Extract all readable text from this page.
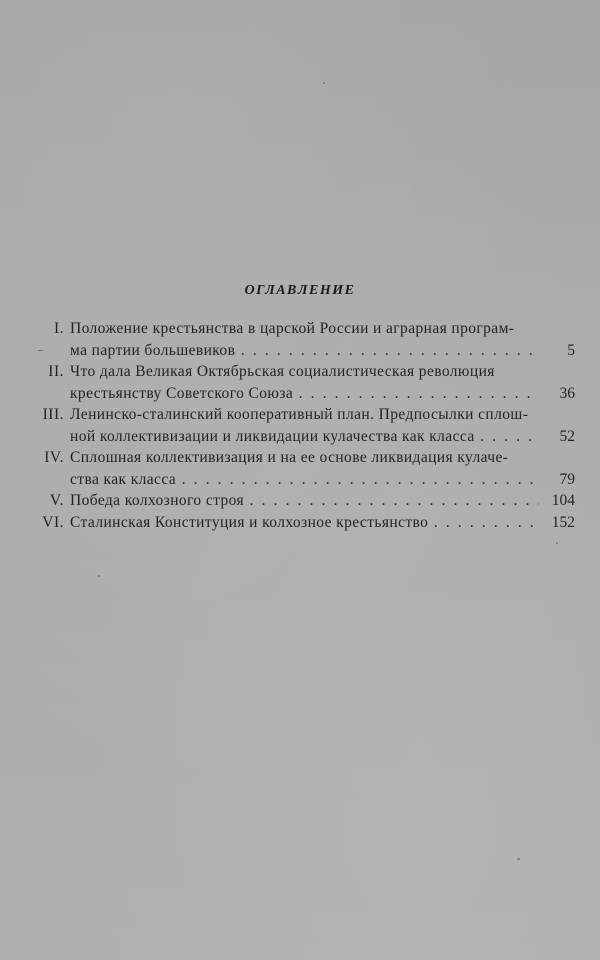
ОГЛАВЛЕНИЕ
I. Положение крестьянства в царской России и аграрная програм-
ма партии большевиков . . .	5
II. Что дала Великая Октябрьская социалистическая революция
крестьянству Советского Союза . . .	36
III. Ленинско-сталинский кооперативный план. Предпосылки сплош-
ной коллективизации и ликвидации кулачества как класса . . .	52
IV. Сплошная коллективизация и на ее основе ликвидация кулаче-
ства как класса . . .	79
V. Победа колхозного строя . . .	104
VI. Сталинская Конституция и колхозное крестьянство . . .	152
